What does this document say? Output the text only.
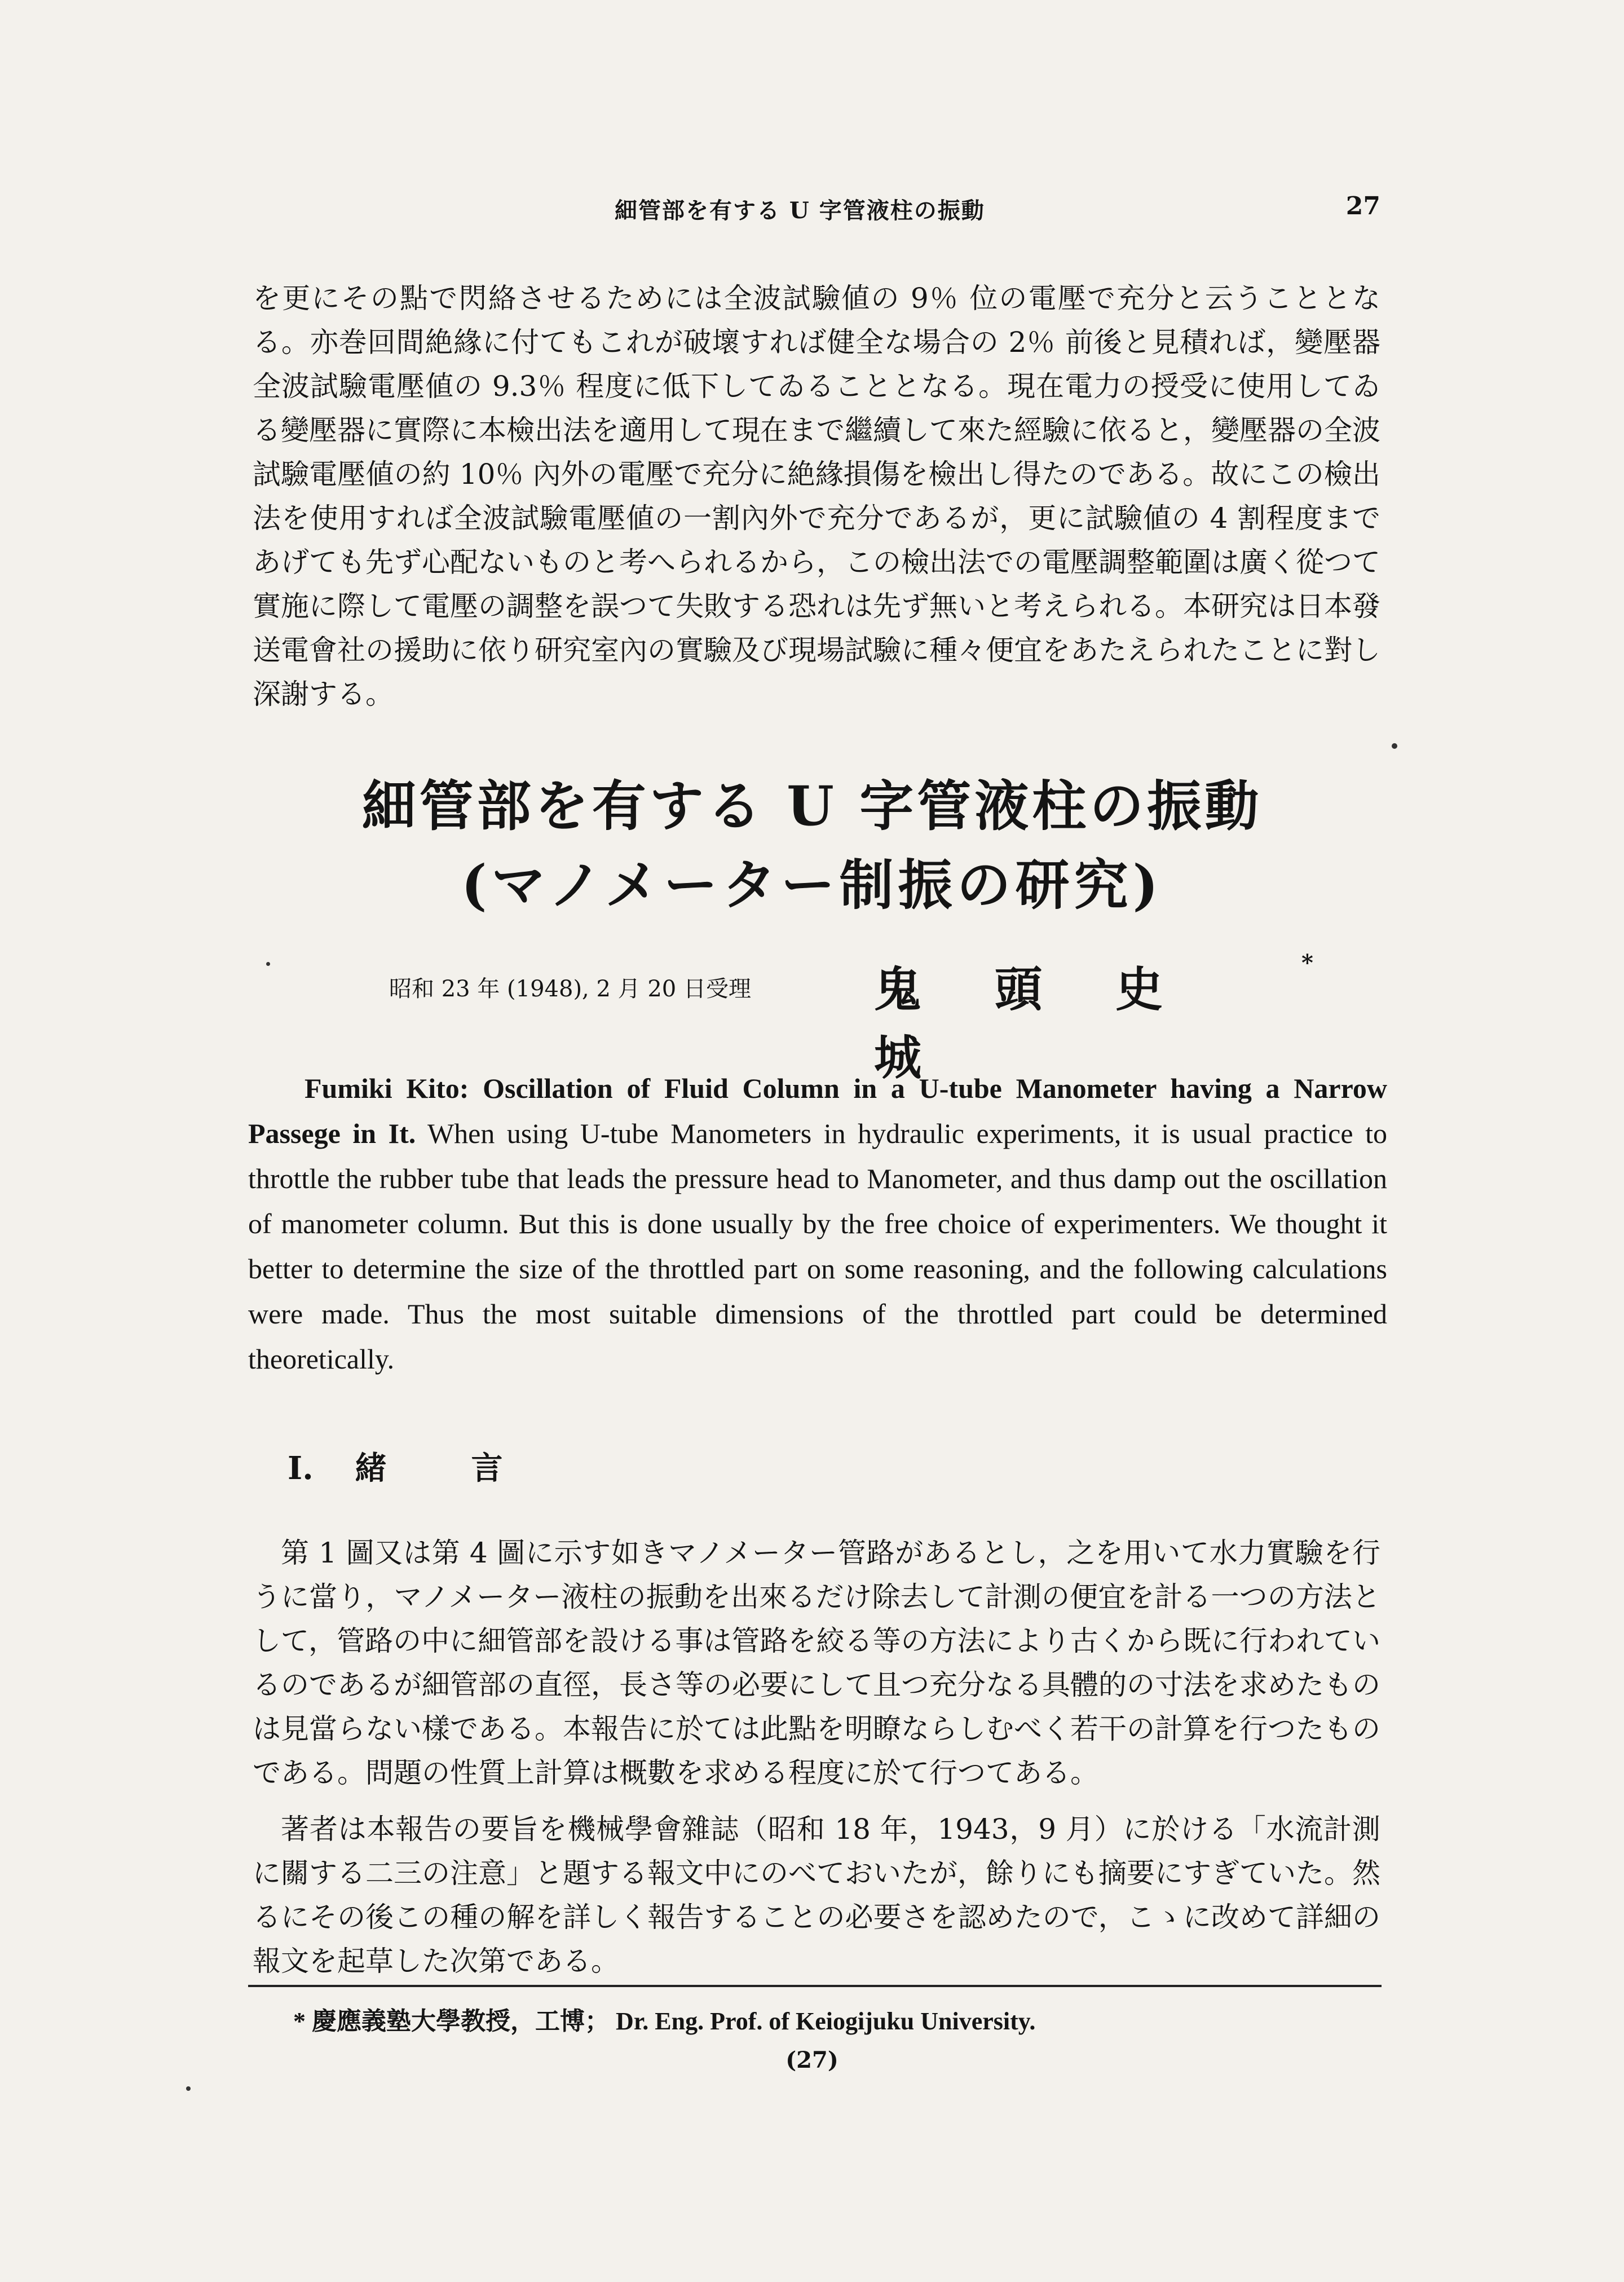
細管部を有する U 字管液柱の振動	27

を更にその點で閃絡させるためには全波試驗値の 9％ 位の電壓で充分と云うこととなる。亦巻回間絶緣に付てもこれが破壞すれば健全な場合の 2％ 前後と見積れば，變壓器全波試驗電壓値の 9.3％ 程度に低下してゐることとなる。現在電力の授受に使用してゐる變壓器に實際に本檢出法を適用して現在まで繼續して來た經驗に依ると，變壓器の全波試驗電壓値の約 10％ 內外の電壓で充分に絶緣損傷を檢出し得たのである。故にこの檢出法を使用すれば全波試驗電壓値の一割內外で充分であるが，更に試驗値の 4 割程度まであげても先ず心配ないものと考へられるから，この檢出法での電壓調整範圍は廣く從つて實施に際して電壓の調整を誤つて失敗する恐れは先ず無いと考えられる。本研究は日本發送電會社の援助に依り研究室內の實驗及び現場試驗に種々便宜をあたえられたことに對し深謝する。

細管部を有する U 字管液柱の振動
(マノメーター制振の研究)
昭和 23 年 (1948), 2 月 20 日受理	鬼頭史城
*

Fumiki Kito: Oscillation of Fluid Column in a U-tube Manometer having a Narrow Passege in It. When using U-tube Manometers in hydraulic experiments, it is usual practice to throttle the rubber tube that leads the pressure head to Manometer, and thus damp out the oscillation of manometer column. But this is done usually by the free choice of experimenters. We thought it better to determine the size of the throttled part on some reasoning, and the following calculations were made. Thus the most suitable dimensions of the throttled part could be determined theoretically.

I. 緒言

第 1 圖又は第 4 圖に示す如きマノメーター管路があるとし，之を用いて水力實驗を行うに當り，マノメーター液柱の振動を出來るだけ除去して計測の便宜を計る一つの方法として，管路の中に細管部を設ける事は管路を絞る等の方法により古くから既に行われているのであるが細管部の直徑，長さ等の必要にして且つ充分なる具體的の寸法を求めたものは見當らない樣である。本報告に於ては此點を明瞭ならしむべく若干の計算を行つたものである。問題の性質上計算は概數を求める程度に於て行つてある。

著者は本報告の要旨を機械學會雜誌（昭和 18 年，1943，9 月）に於ける「水流計測に關する二三の注意」と題する報文中にのべておいたが，餘りにも摘要にすぎていた。然るにその後この種の解を詳しく報告することの必要さを認めたので，こゝに改めて詳細の報文を起草した次第である。

* 慶應義塾大學教授，工博； Dr. Eng. Prof. of Keiogijuku University.
(27)
